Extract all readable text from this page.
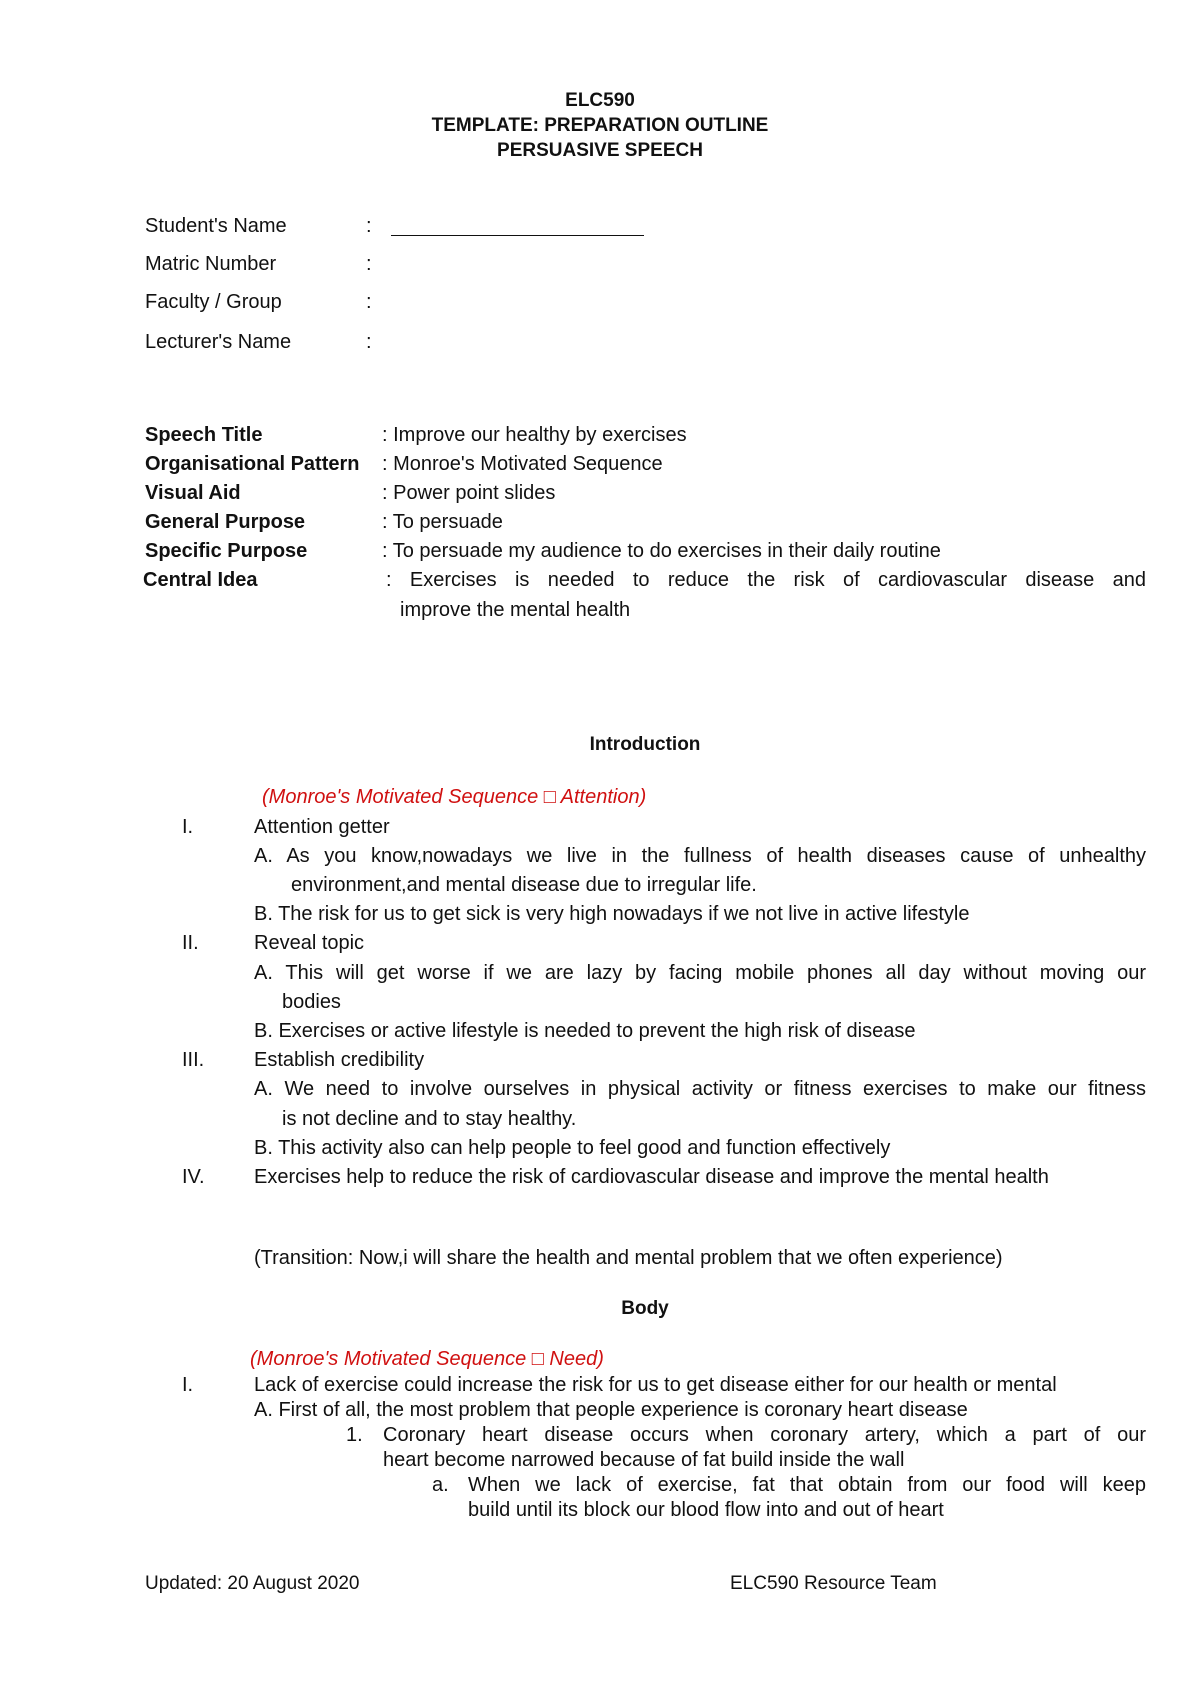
ELC590
TEMPLATE: PREPARATION OUTLINE
PERSUASIVE SPEECH
Student's Name	:
Matric Number	:
Faculty / Group	:
Lecturer's Name	:
Speech Title	: Improve our healthy by exercises
Organisational Pattern : Monroe's Motivated Sequence
Visual Aid	: Power point slides
General Purpose	: To persuade
Specific Purpose	: To persuade my audience to do exercises in their daily routine
Central Idea	: Exercises is needed to reduce the risk of cardiovascular disease and
improve the mental health
Introduction
(Monroe's Motivated Sequence □ Attention)
I.	Attention getter
A. As you know,nowadays we live in the fullness of health diseases cause of unhealthy
environment,and mental disease due to irregular life.
B. The risk for us to get sick is very high nowadays if we not live in active lifestyle
II.	Reveal topic
A. This will get worse if we are lazy by facing mobile phones all day without moving our
bodies
B. Exercises or active lifestyle is needed to prevent the high risk of disease
III. Establish credibility
A. We need to involve ourselves in physical activity or fitness exercises to make our fitness
is not decline and to stay healthy.
B. This activity also can help people to feel good and function effectively
IV. Exercises help to reduce the risk of cardiovascular disease and improve the mental health
(Transition: Now,i will share the health and mental problem that we often experience)
Body
(Monroe's Motivated Sequence □ Need)
I.	Lack of exercise could increase the risk for us to get disease either for our health or mental
A. First of all, the most problem that people experience is coronary heart disease
1. Coronary heart disease occurs when coronary artery, which a part of our
heart become narrowed because of fat build inside the wall
a. When we lack of exercise, fat that obtain from our food will keep
build until its block our blood flow into and out of heart
Updated: 20 August 2020	ELC590 Resource Team
